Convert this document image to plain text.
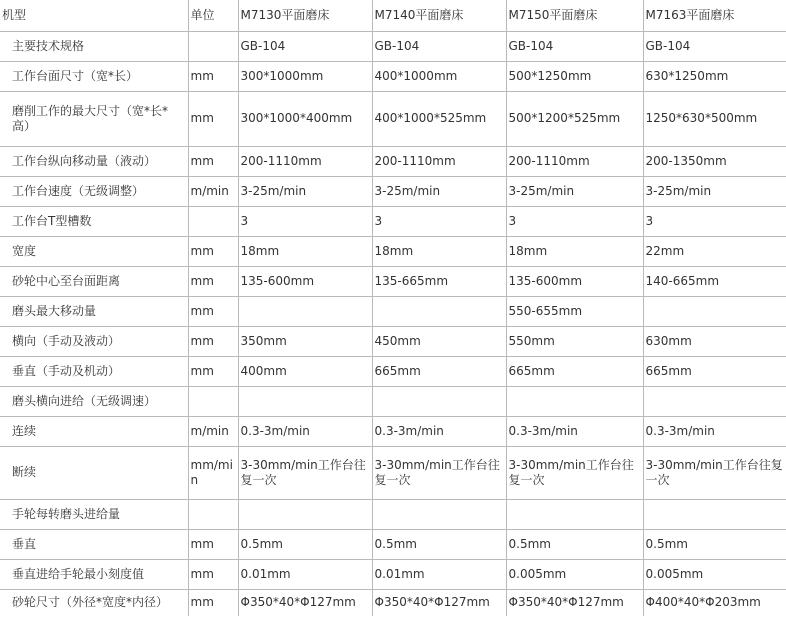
机型	单位	M7130平面磨床	M7140平面磨床	M7150平面磨床	M7163平面磨床
主要技术规格		GB-104	GB-104	GB-104	GB-104
工作台面尺寸（宽*长）	mm	300*1000mm	400*1000mm	500*1250mm	630*1250mm
磨削工作的最大尺寸（宽*长*高）	mm	300*1000*400mm	400*1000*525mm	500*1200*525mm	1250*630*500mm
工作台纵向移动量（液动）	mm	200-1110mm	200-1110mm	200-1110mm	200-1350mm
工作台速度（无级调整）	m/min	3-25m/min	3-25m/min	3-25m/min	3-25m/min
工作台T型槽数		3	3	3	3
宽度	mm	18mm	18mm	18mm	22mm
砂轮中心至台面距离	mm	135-600mm	135-665mm	135-600mm	140-665mm
磨头最大移动量	mm			550-655mm	
横向（手动及液动）	mm	350mm	450mm	550mm	630mm
垂直（手动及机动）	mm	400mm	665mm	665mm	665mm
磨头横向进给（无级调速）					
连续	m/min	0.3-3m/min	0.3-3m/min	0.3-3m/min	0.3-3m/min
断续	mm/min	3-30mm/min工作台往复一次	3-30mm/min工作台往复一次	3-30mm/min工作台往复一次	3-30mm/min工作台往复一次
手轮每转磨头进给量					
垂直	mm	0.5mm	0.5mm	0.5mm	0.5mm
垂直进给手轮最小刻度值	mm	0.01mm	0.01mm	0.005mm	0.005mm
砂轮尺寸（外径*宽度*内径）	mm	Φ350*40*Φ127mm	Φ350*40*Φ127mm	Φ350*40*Φ127mm	Φ400*40*Φ203mm
